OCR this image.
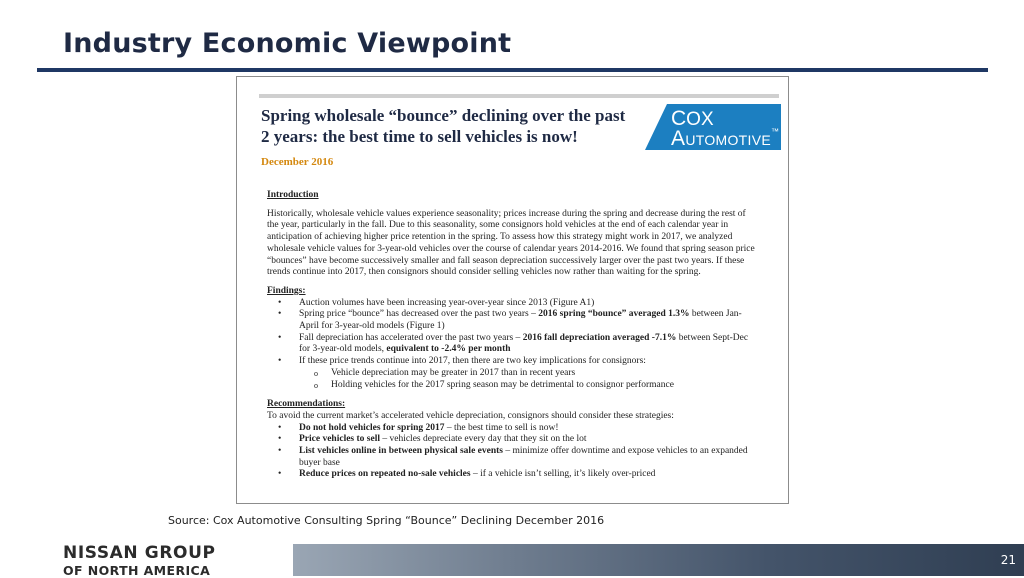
Industry Economic Viewpoint
Spring wholesale “bounce” declining over the past
2 years: the best time to sell vehicles is now!
COX
AUTOMOTIVE™
December 2016

Introduction

Historically, wholesale vehicle values experience seasonality; prices increase during the spring and decrease during the rest of the year, particularly in the fall. Due to this seasonality, some consignors hold vehicles at the end of each calendar year in anticipation of achieving higher price retention in the spring. To assess how this strategy might work in 2017, we analyzed wholesale vehicle values for 3-year-old vehicles over the course of calendar years 2014-2016. We found that spring season price “bounces” have become successively smaller and fall season depreciation successively larger over the past two years. If these trends continue into 2017, then consignors should consider selling vehicles now rather than waiting for the spring.

Findings:

• Auction volumes have been increasing year-over-year since 2013 (Figure A1)
• Spring price “bounce” has decreased over the past two years – 2016 spring “bounce” averaged 1.3% between Jan-April for 3-year-old models (Figure 1)
• Fall depreciation has accelerated over the past two years – 2016 fall depreciation averaged -7.1% between Sept-Dec for 3-year-old models, equivalent to -2.4% per month
• If these price trends continue into 2017, then there are two key implications for consignors:
o Vehicle depreciation may be greater in 2017 than in recent years
o Holding vehicles for the 2017 spring season may be detrimental to consignor performance

Recommendations:

To avoid the current market’s accelerated vehicle depreciation, consignors should consider these strategies:

• Do not hold vehicles for spring 2017 – the best time to sell is now!
• Price vehicles to sell – vehicles depreciate every day that they sit on the lot
• List vehicles online in between physical sale events – minimize offer downtime and expose vehicles to an expanded buyer base
• Reduce prices on repeated no-sale vehicles – if a vehicle isn’t selling, it’s likely over-priced
Source: Cox Automotive Consulting Spring “Bounce” Declining December 2016
NISSAN GROUP
OF NORTH AMERICA
21
